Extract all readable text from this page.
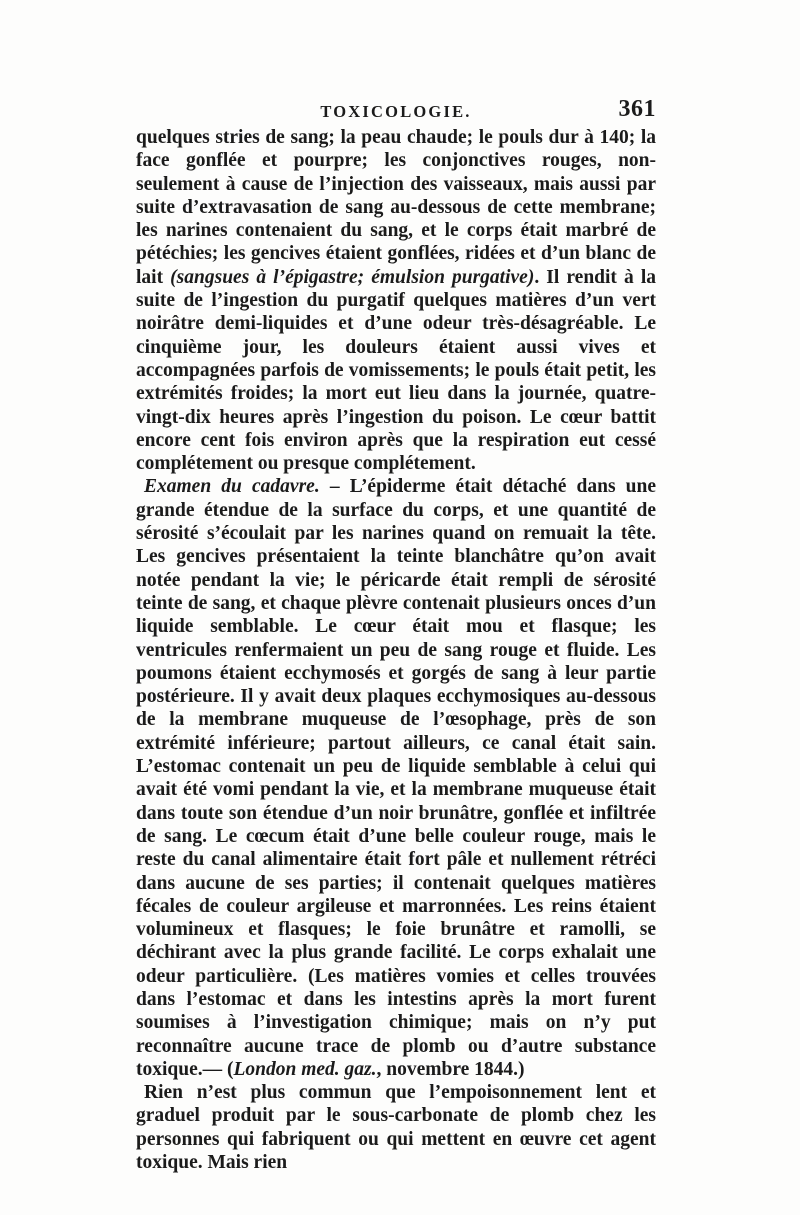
TOXICOLOGIE.	361

quelques stries de sang; la peau chaude; le pouls dur à 140; la face gonflée et pourpre; les conjonctives rouges, non-seulement à cause de l’injection des vaisseaux, mais aussi par suite d’extravasation de sang au-dessous de cette membrane; les narines contenaient du sang, et le corps était marbré de pétéchies; les gencives étaient gonflées, ridées et d’un blanc de lait (sangsues à l’épigastre; émulsion purgative). Il rendit à la suite de l’ingestion du purgatif quelques matières d’un vert noirâtre demi-liquides et d’une odeur très-désagréable. Le cinquième jour, les douleurs étaient aussi vives et accompagnées parfois de vomissements; le pouls était petit, les extrémités froides; la mort eut lieu dans la journée, quatre-vingt-dix heures après l’ingestion du poison. Le cœur battit encore cent fois environ après que la respiration eut cessé complétement ou presque complétement.

Examen du cadavre. – L’épiderme était détaché dans une grande étendue de la surface du corps, et une quantité de sérosité s’écoulait par les narines quand on remuait la tête. Les gencives présentaient la teinte blanchâtre qu’on avait notée pendant la vie; le péricarde était rempli de sérosité teinte de sang, et chaque plèvre contenait plusieurs onces d’un liquide semblable. Le cœur était mou et flasque; les ventricules renfermaient un peu de sang rouge et fluide. Les poumons étaient ecchymosés et gorgés de sang à leur partie postérieure. Il y avait deux plaques ecchymosiques au-dessous de la membrane muqueuse de l’œsophage, près de son extrémité inférieure; partout ailleurs, ce canal était sain. L’estomac contenait un peu de liquide semblable à celui qui avait été vomi pendant la vie, et la membrane muqueuse était dans toute son étendue d’un noir brunâtre, gonflée et infiltrée de sang. Le cœcum était d’une belle couleur rouge, mais le reste du canal alimentaire était fort pâle et nullement rétréci dans aucune de ses parties; il contenait quelques matières fécales de couleur argileuse et marronnées. Les reins étaient volumineux et flasques; le foie brunâtre et ramolli, se déchirant avec la plus grande facilité. Le corps exhalait une odeur particulière. (Les matières vomies et celles trouvées dans l’estomac et dans les intestins après la mort furent soumises à l’investigation chimique; mais on n’y put reconnaître aucune trace de plomb ou d’autre substance toxique.— (London med. gaz., novembre 1844.)

Rien n’est plus commun que l’empoisonnement lent et graduel produit par le sous-carbonate de plomb chez les personnes qui fabriquent ou qui mettent en œuvre cet agent toxique. Mais rien
